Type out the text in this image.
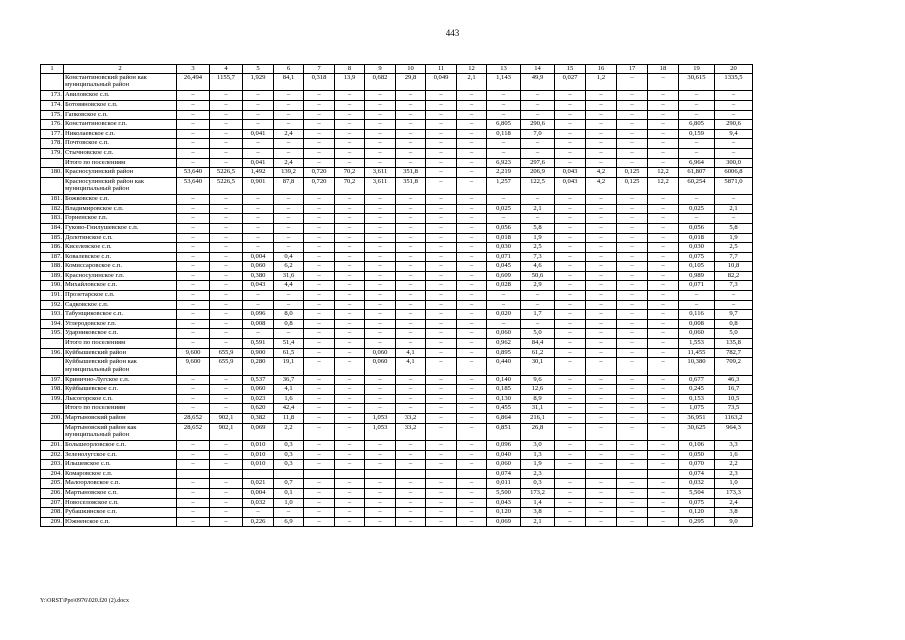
443
1	2	3	4	5	6	7	8	9	10	11	12	13	14	15	16	17	18	19	20
	Константиновский район как муниципальный район	26,494	1155,7	1,929	84,1	0,318	13,9	0,682	29,8	0,049	2,1	1,143	49,9	0,027	1,2	–	–	30,615	1335,5
173.	Авиловское с.п.	–	–	–	–	–	–	–	–	–	–	–	–	–	–	–	–	–	–
174.	Ботовяновское с.п.	–	–	–	–	–	–	–	–	–	–	–	–	–	–	–	–	–	–
175.	Гапковское с.п.	–	–	–	–	–	–	–	–	–	–	–	–	–	–	–	–	–	–
176.	Константиновское г.п.	–	–	–	–	–	–	–	–	–	–	6,805	290,6	–	–	–	–	6,805	290,6
177.	Николаевское с.п.	–	–	0,041	2,4	–	–	–	–	–	–	0,118	7,0	–	–	–	–	0,159	9,4
178.	Почтовское с.п.	–	–	–	–	–	–	–	–	–	–	–	–	–	–	–	–	–	–
179.	Стычновское с.п.	–	–	–	–	–	–	–	–	–	–	–	–	–	–	–	–	–	–
	Итого по поселениям	–	–	0,041	2,4	–	–	–	–	–	–	6,923	297,6	–	–	–	–	6,964	300,0
180.	Красносулинский район	53,640	5226,5	1,492	139,2	0,720	70,2	3,611	351,8	–	–	2,219	206,9	0,043	4,2	0,125	12,2	61,807	6006,8
	Красносулинский район как муниципальный район	53,640	5226,5	0,901	87,8	0,720	70,2	3,611	351,8	–	–	1,257	122,5	0,043	4,2	0,125	12,2	60,254	5871,0
181.	Божковское с.п.	–	–	–	–	–	–	–	–	–	–	–	–	–	–	–	–	–	–
182.	Владимировское с.п.	–	–	–	–	–	–	–	–	–	–	0,025	2,1	–	–	–	–	0,025	2,1
183.	Горненское г.п.	–	–	–	–	–	–	–	–	–	–	–	–	–	–	–	–	–	–
184.	Гуково-Гнилушевское с.п.	–	–	–	–	–	–	–	–	–	–	0,056	5,8	–	–	–	–	0,056	5,8
185.	Долотинское с.п.	–	–	–	–	–	–	–	–	–	–	0,018	1,9	–	–	–	–	0,018	1,9
186.	Киселевское с.п.	–	–	–	–	–	–	–	–	–	–	0,030	2,5	–	–	–	–	0,030	2,5
187.	Ковалевское с.п.	–	–	0,004	0,4	–	–	–	–	–	–	0,071	7,3	–	–	–	–	0,075	7,7
188.	Комиссаровское с.п.	–	–	0,060	6,2	–	–	–	–	–	–	0,045	4,6	–	–	–	–	0,105	10,8
189.	Красносулинское г.п.	–	–	0,380	31,6	–	–	–	–	–	–	0,609	50,6	–	–	–	–	0,989	82,2
190.	Михайловское с.п.	–	–	0,043	4,4	–	–	–	–	–	–	0,028	2,9	–	–	–	–	0,071	7,3
191.	Прозетарское с.п.	–	–	–	–	–	–	–	–	–	–	–	–	–	–	–	–	–	–
192.	Садковское с.п.	–	–	–	–	–	–	–	–	–	–	–	–	–	–	–	–	–	–
193.	Табунщиковское с.п.	–	–	0,096	8,0	–	–	–	–	–	–	0,020	1,7	–	–	–	–	0,116	9,7
194.	Углеродовское г.п.	–	–	0,008	0,8	–	–	–	–	–	–	–	–	–	–	–	–	0,008	0,8
195.	Ударниковское с.п.	–	–	–	–	–	–	–	–	–	–	0,060	5,0	–	–	–	–	0,060	5,0
	Итого по поселениям	–	–	0,591	51,4	–	–	–	–	–	–	0,962	84,4	–	–	–	–	1,553	135,8
196.	Куйбышевский район	9,600	655,9	0,900	61,5	–	–	0,060	4,1	–	–	0,895	61,2	–	–	–	–	11,455	782,7
	Куйбышевский район как муниципальный район	9,600	655,9	0,280	19,1	–	–	0,060	4,1	–	–	0,440	30,1	–	–	–	–	10,380	709,2
197.	Кринично-Лугское с.п.	–	–	0,537	36,7	–	–	–	–	–	–	0,140	9,6	–	–	–	–	0,677	46,3
198.	Куйбышевское с.п.	–	–	0,060	4,1	–	–	–	–	–	–	0,185	12,6	–	–	–	–	0,245	16,7
199.	Лысогорское с.п.	–	–	0,023	1,6	–	–	–	–	–	–	0,130	8,9	–	–	–	–	0,153	10,5
	Итого по поселениям	–	–	0,620	42,4	–	–	–	–	–	–	0,455	31,1	–	–	–	–	1,075	73,5
200.	Мартыновский район	28,652	902,1	0,382	11,8	–	–	1,053	33,2	–	–	6,864	216,1	–	–	–	–	36,951	1163,2
	Мартыновский район как муниципальный район	28,652	902,1	0,069	2,2	–	–	1,053	33,2	–	–	0,851	26,8	–	–	–	–	30,625	964,3
201.	Большеорловское с.п.	–	–	0,010	0,3	–	–	–	–	–	–	0,096	3,0	–	–	–	–	0,106	3,3
202.	Зеленолугское с.п.	–	–	0,010	0,3	–	–	–	–	–	–	0,040	1,3	–	–	–	–	0,050	1,6
203.	Ильшевское с.п.	–	–	0,010	0,3	–	–	–	–	–	–	0,060	1,9	–	–	–	–	0,070	2,2
204.	Комаровское с.п.											0,074	2,3					0,074	2,3
205.	Малоорловское с.п.	–	–	0,021	0,7	–	–	–	–	–	–	0,011	0,3	–	–	–	–	0,032	1,0
206.	Мартыновское с.п.	–	–	0,004	0,1	–	–	–	–	–	–	5,500	173,2	–	–	–	–	5,504	173,3
207.	Новоселовское с.п.	–	–	0,032	1,0	–	–	–	–	–	–	0,043	1,4	–	–	–	–	0,075	2,4
208.	Рубашкинское с.п.	–	–	–	–	–	–	–	–	–	–	0,120	3,8	–	–	–	–	0,120	3,8
209.	Южненское с.п.	–	–	0,226	6,9	–	–	–	–	–	–	0,069	2,1	–	–	–	–	0,295	9,0
Y:\ORST\Ppo\0976\020.f20 (2).docx
